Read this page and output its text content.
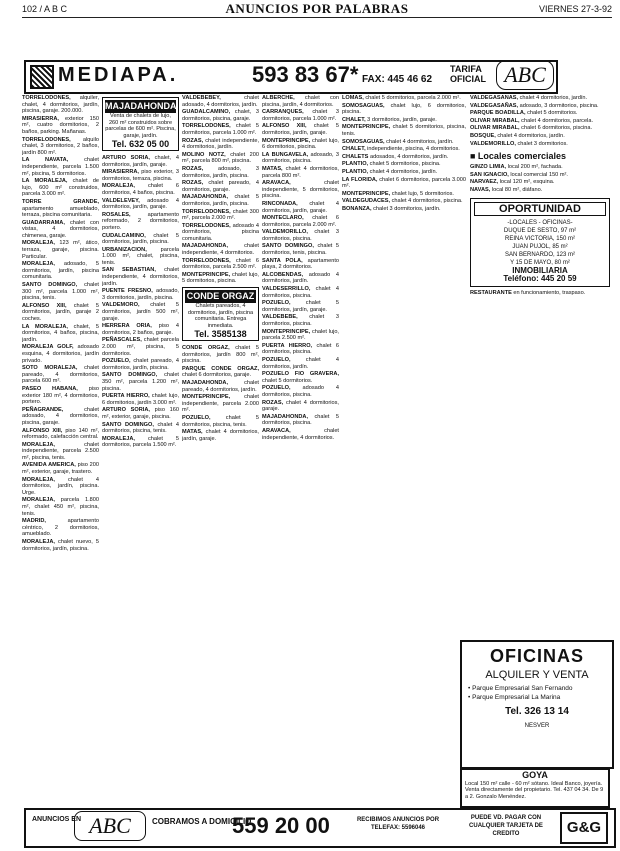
102 / A B C	ANUNCIOS POR PALABRAS	VIERNES 27-3-92
MEDIAPA.	593 83 67* FAX: 445 46 62
TARIFA
OFICIAL ABC

TORRELODONES, alquiler, chalet, 4 dormitorios, jardín, piscina, garaje. 200.000.

MIRASIERRA, exterior 150 m², cuatro dormitorios, 2 baños, parking. Mañanas.

TORRELODONES, alquilo chalet, 3 dormitorios, 2 baños, jardín 800 m².

LA NAVATA, chalet independiente, parcela 1.500 m², piscina, 5 dormitorios.

LA MORALEJA, chalet de lujo, 600 m² construidos, parcela 3.000 m².

TORRE GRANDE, apartamento amueblado, terraza, piscina comunitaria.

GUADARRAMA, chalet con vistas, 4 dormitorios, chimenea, garaje.

MORALEJA, 123 m², ático, terraza, garaje, piscina. Particular.

MORALEJA, adosado, 5 dormitorios, jardín, piscina comunitaria.

SANTO DOMINGO, chalet 300 m², parcela 1.000 m², piscina, tenis.

ALFONSO XIII, chalet 5 dormitorios, jardín, garaje 2 coches.

LA MORALEJA, chalet, 5 dormitorios, 4 baños, piscina, jardín.

MORALEJA GOLF, adosado esquina, 4 dormitorios, jardín privado.

SOTO MORALEJA, chalet pareado, 4 dormitorios, parcela 600 m².

PASEO HABANA, piso exterior 180 m², 4 dormitorios, portero.

PEÑAGRANDE, chalet adosado, 4 dormitorios, piscina, garaje.

ALFONSO XIII, piso 140 m², reformado, calefacción central.

MORALEJA, chalet independiente, parcela 2.500 m², piscina, tenis.

AVENIDA AMERICA, piso 200 m², exterior, garaje, trastero.

MORALEJA, chalet 4 dormitorios, jardín, piscina. Urge.

MORALEJA, parcela 1.800 m², chalet 450 m², piscina, tenis.

MADRID, apartamento céntrico, 2 dormitorios, amueblado.

MORALEJA, chalet nuevo, 5 dormitorios, jardín, piscina.

MAJADAHONDA
Venta de chalets de lujo, 260 m² construidos sobre parcelas de 600 m². Piscina, garaje, jardín.
Tel. 632 05 00

ARTURO SORIA, chalet, 4 dormitorios, jardín, garaje.

MIRASIERRA, piso exterior, 3 dormitorios, terraza, piscina.

MORALEJA, chalet 6 dormitorios, 4 baños, piscina.

VALDELEVEY, adosado 4 dormitorios, jardín, garaje.

ROSALES, apartamento reformado, 2 dormitorios, portero.

CUDALCAMINO, chalet 5 dormitorios, jardín, piscina.

URBANIZACION, parcela 1.000 m², chalet, piscina, tenis.

SAN SEBASTIAN, chalet independiente, 4 dormitorios, jardín.

PUENTE FRESNO, adosado, 3 dormitorios, jardín, piscina.

VALDEMORO, chalet 5 dormitorios, jardín 500 m², garaje.

HERRERA ORIA, piso 4 dormitorios, 2 baños, garaje.

PEÑASCALES, chalet parcela 2.000 m², piscina, 5 dormitorios.

POZUELO, chalet pareado, 4 dormitorios, jardín, piscina.

SANTO DOMINGO, chalet 350 m², parcela 1.200 m², piscina.

PUERTA HIERRO, chalet lujo, 6 dormitorios, jardín 3.000 m².

ARTURO SORIA, piso 160 m², exterior, garaje, piscina.

SANTO DOMINGO, chalet 4 dormitorios, piscina, tenis.

MORALEJA, chalet 5 dormitorios, parcela 1.500 m².

VALDEBEBEY, chalet adosado, 4 dormitorios, jardín.

GUADALCAMINO, chalet, 3 dormitorios, piscina, garaje.

TORRELODONES, chalet 5 dormitorios, parcela 1.000 m².

ROZAS, chalet independiente, 4 dormitorios, jardín.

MOLINO NOTZ, chalet 200 m², parcela 800 m², piscina.

ROZAS, adosado, 3 dormitorios, jardín, piscina.

ROZAS, chalet pareado, 4 dormitorios, garaje.

MAJADAHONDA, chalet 5 dormitorios, jardín, piscina.

TORRELODONES, chalet 300 m², parcela 2.000 m².

TORRELODONES, adosado 4 dormitorios, piscina comunitaria.

MAJADAHONDA, chalet independiente, 4 dormitorios.

TORRELODONES, chalet 6 dormitorios, parcela 2.500 m².

MONTEPRINCIPE, chalet lujo, 5 dormitorios, piscina.

CONDE ORGAZ
Chalets pareados, 4 dormitorios, jardín, piscina comunitaria. Entrega inmediata.
Tel. 3585138

CONDE ORGAZ, chalet 5 dormitorios, jardín 800 m², piscina.

PARQUE CONDE ORGAZ, chalet 6 dormitorios, garaje.

MAJADAHONDA, chalet pareado, 4 dormitorios, jardín.

MONTEPRINCIPE, chalet independiente, parcela 2.000 m².

POZUELO, chalet 5 dormitorios, piscina, tenis.

MATAS, chalet 4 dormitorios, jardín, garaje.

ALBERCHE, chalet con piscina, jardín, 4 dormitorios.

CARRANQUES, chalet 3 dormitorios, parcela 1.000 m².

ALFONSO XIII, chalet 5 dormitorios, jardín, garaje.

MONTEPRINCIPE, chalet lujo, 6 dormitorios, piscina.

LA BUNGAVELA, adosado, 3 dormitorios, piscina.

MATAS, chalet 4 dormitorios, parcela 800 m².

ARAVACA, chalet independiente, 5 dormitorios, piscina.

RINCONADA, chalet 4 dormitorios, jardín, garaje.

MONTECLARO, chalet 6 dormitorios, parcela 2.000 m².

VALDEMORILLO, chalet 3 dormitorios, piscina.

SANTO DOMINGO, chalet 5 dormitorios, tenis, piscina.

SANTA POLA, apartamento playa, 2 dormitorios.

ALCOBENDAS, adosado 4 dormitorios, jardín.

VALDESERRILLO, chalet 4 dormitorios, piscina.

POZUELO, chalet 5 dormitorios, jardín, garaje.

VALDEBEBE, chalet 3 dormitorios, piscina.

MONTEPRINCIPE, chalet lujo, parcela 2.500 m².

PUERTA HIERRO, chalet 6 dormitorios, piscina.

POZUELO, chalet 4 dormitorios, jardín.

POZUELO FIO GRAVERA, chalet 5 dormitorios.

POZUELO, adosado 4 dormitorios, piscina.

ROZAS, chalet 4 dormitorios, garaje.

MAJADAHONDA, chalet 5 dormitorios, piscina.

ARAVACA, chalet independiente, 4 dormitorios.

LOMAS, chalet 5 dormitorios, parcela 2.000 m².

SOMOSAGUAS, chalet lujo, 6 dormitorios, piscina.

CHALET, 3 dormitorios, jardín, garaje.

MONTEPRINCIPE, chalet 5 dormitorios, piscina, tenis.

SOMOSAGUAS, chalet 4 dormitorios, jardín.

CHALET, independiente, piscina, 4 dormitorios.

CHALETS adosados, 4 dormitorios, jardín.

PLANTIO, chalet 5 dormitorios, piscina.

PLANTIO, chalet 4 dormitorios, jardín.

LA FLORIDA, chalet 6 dormitorios, parcela 3.000 m².

MONTEPRINCIPE, chalet lujo, 5 dormitorios.

VALDEGUDACES, chalet 4 dormitorios, piscina.

BONANZA, chalet 3 dormitorios, jardín.

VALDEGASAÑAS, chalet 4 dormitorios, jardín.

VALDEGASAÑAS, adosado, 3 dormitorios, piscina.

PARQUE BOADILLA, chalet 5 dormitorios.

OLIVAR MIRABAL, chalet 4 dormitorios, parcela.

OLIVAR MIRABAL, chalet 6 dormitorios, piscina.

BOSQUE, chalet 4 dormitorios, jardín.

VALDEMORILLO, chalet 3 dormitorios.

■ Locales comerciales

GINZO LIMIA, local 200 m², fachada.

SAN IGNACIO, local comercial 150 m².

NARVAEZ, local 120 m², esquina.

NAVAS, local 80 m², diáfano.

OPORTUNIDAD
-LOCALES - OFICINAS-
DUQUE DE SESTO, 97 m²
REINA VICTORIA, 150 m²
JUAN PUJOL, 85 m²
SAN BERNARDO, 123 m²
Y 15 DE MAYO, 80 m²
INMOBILIARIA
Teléfono: 445 20 59

RESTAURANTE en funcionamiento, traspaso.

OFICINAS
ALQUILER Y VENTA
• Parque Empresarial San Fernando
• Parque Empresarial La Marina
Tel. 326 13 14
NESVER
GOYA
Local 150 m² calle - 60 m² sótano. Ideal Banco, joyería. Venta directamente del propietario. Tel. 437 04 34. De 9 a 2. Gonzalo Menéndez.
ANUNCIOS EN ABC	COBRAMOS A DOMICILIO
559 20 00	RECIBIMOS ANUNCIOS POR TELEFAX: 5596046
PUEDE VD. PAGAR CON CUALQUIER TARJETA DE CREDITO	G&G
